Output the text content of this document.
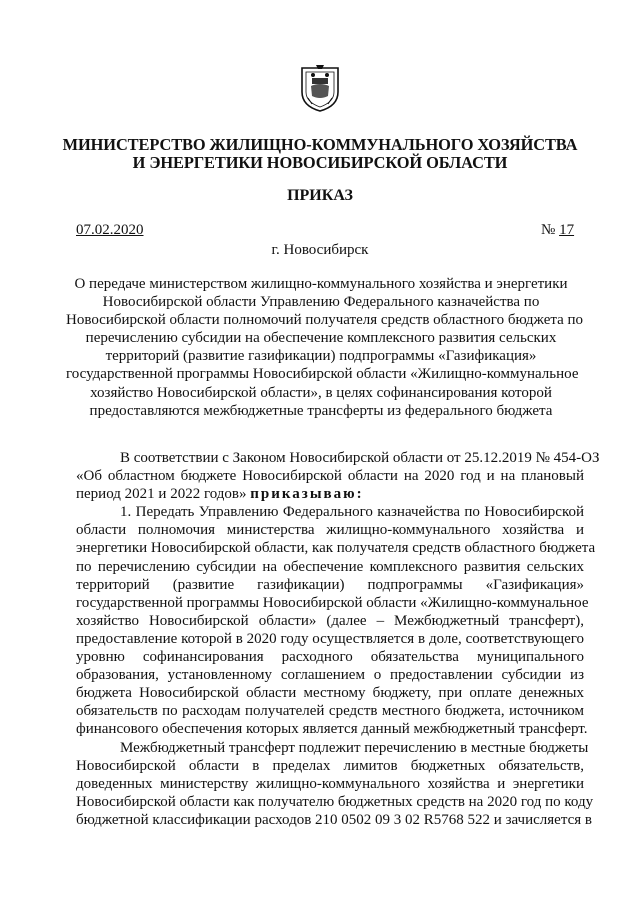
МИНИСТЕРСТВО ЖИЛИЩНО-КОММУНАЛЬНОГО ХОЗЯЙСТВА
И ЭНЕРГЕТИКИ НОВОСИБИРСКОЙ ОБЛАСТИ
ПРИКАЗ
07.02.2020	№ 17
г. Новосибирск
О передаче министерством жилищно-коммунального хозяйства и энергетики
Новосибирской области Управлению Федерального казначейства по
Новосибирской области полномочий получателя средств областного бюджета по
перечислению субсидии на обеспечение комплексного развития сельских
территорий (развитие газификации) подпрограммы «Газификация»
государственной программы Новосибирской области «Жилищно-коммунальное
хозяйство Новосибирской области», в целях софинансирования которой
предоставляются межбюджетные трансферты из федерального бюджета
В соответствии с Законом Новосибирской области от 25.12.2019 № 454-ОЗ
«Об областном бюджете Новосибирской области на 2020 год и на плановый
период 2021 и 2022 годов» приказываю:
1. Передать Управлению Федерального казначейства по Новосибирской
области полномочия министерства жилищно-коммунального хозяйства и
энергетики Новосибирской области, как получателя средств областного бюджета
по перечислению субсидии на обеспечение комплексного развития сельских
территорий (развитие газификации) подпрограммы «Газификация»
государственной программы Новосибирской области «Жилищно-коммунальное
хозяйство Новосибирской области» (далее – Межбюджетный трансферт),
предоставление которой в 2020 году осуществляется в доле, соответствующего
уровню софинансирования расходного обязательства муниципального
образования, установленному соглашением о предоставлении субсидии из
бюджета Новосибирской области местному бюджету, при оплате денежных
обязательств по расходам получателей средств местного бюджета, источником
финансового обеспечения которых является данный межбюджетный трансферт.
Межбюджетный трансферт подлежит перечислению в местные бюджеты
Новосибирской области в пределах лимитов бюджетных обязательств,
доведенных министерству жилищно-коммунального хозяйства и энергетики
Новосибирской области как получателю бюджетных средств на 2020 год по коду
бюджетной классификации расходов 210 0502 09 3 02 R5768 522 и зачисляется в
